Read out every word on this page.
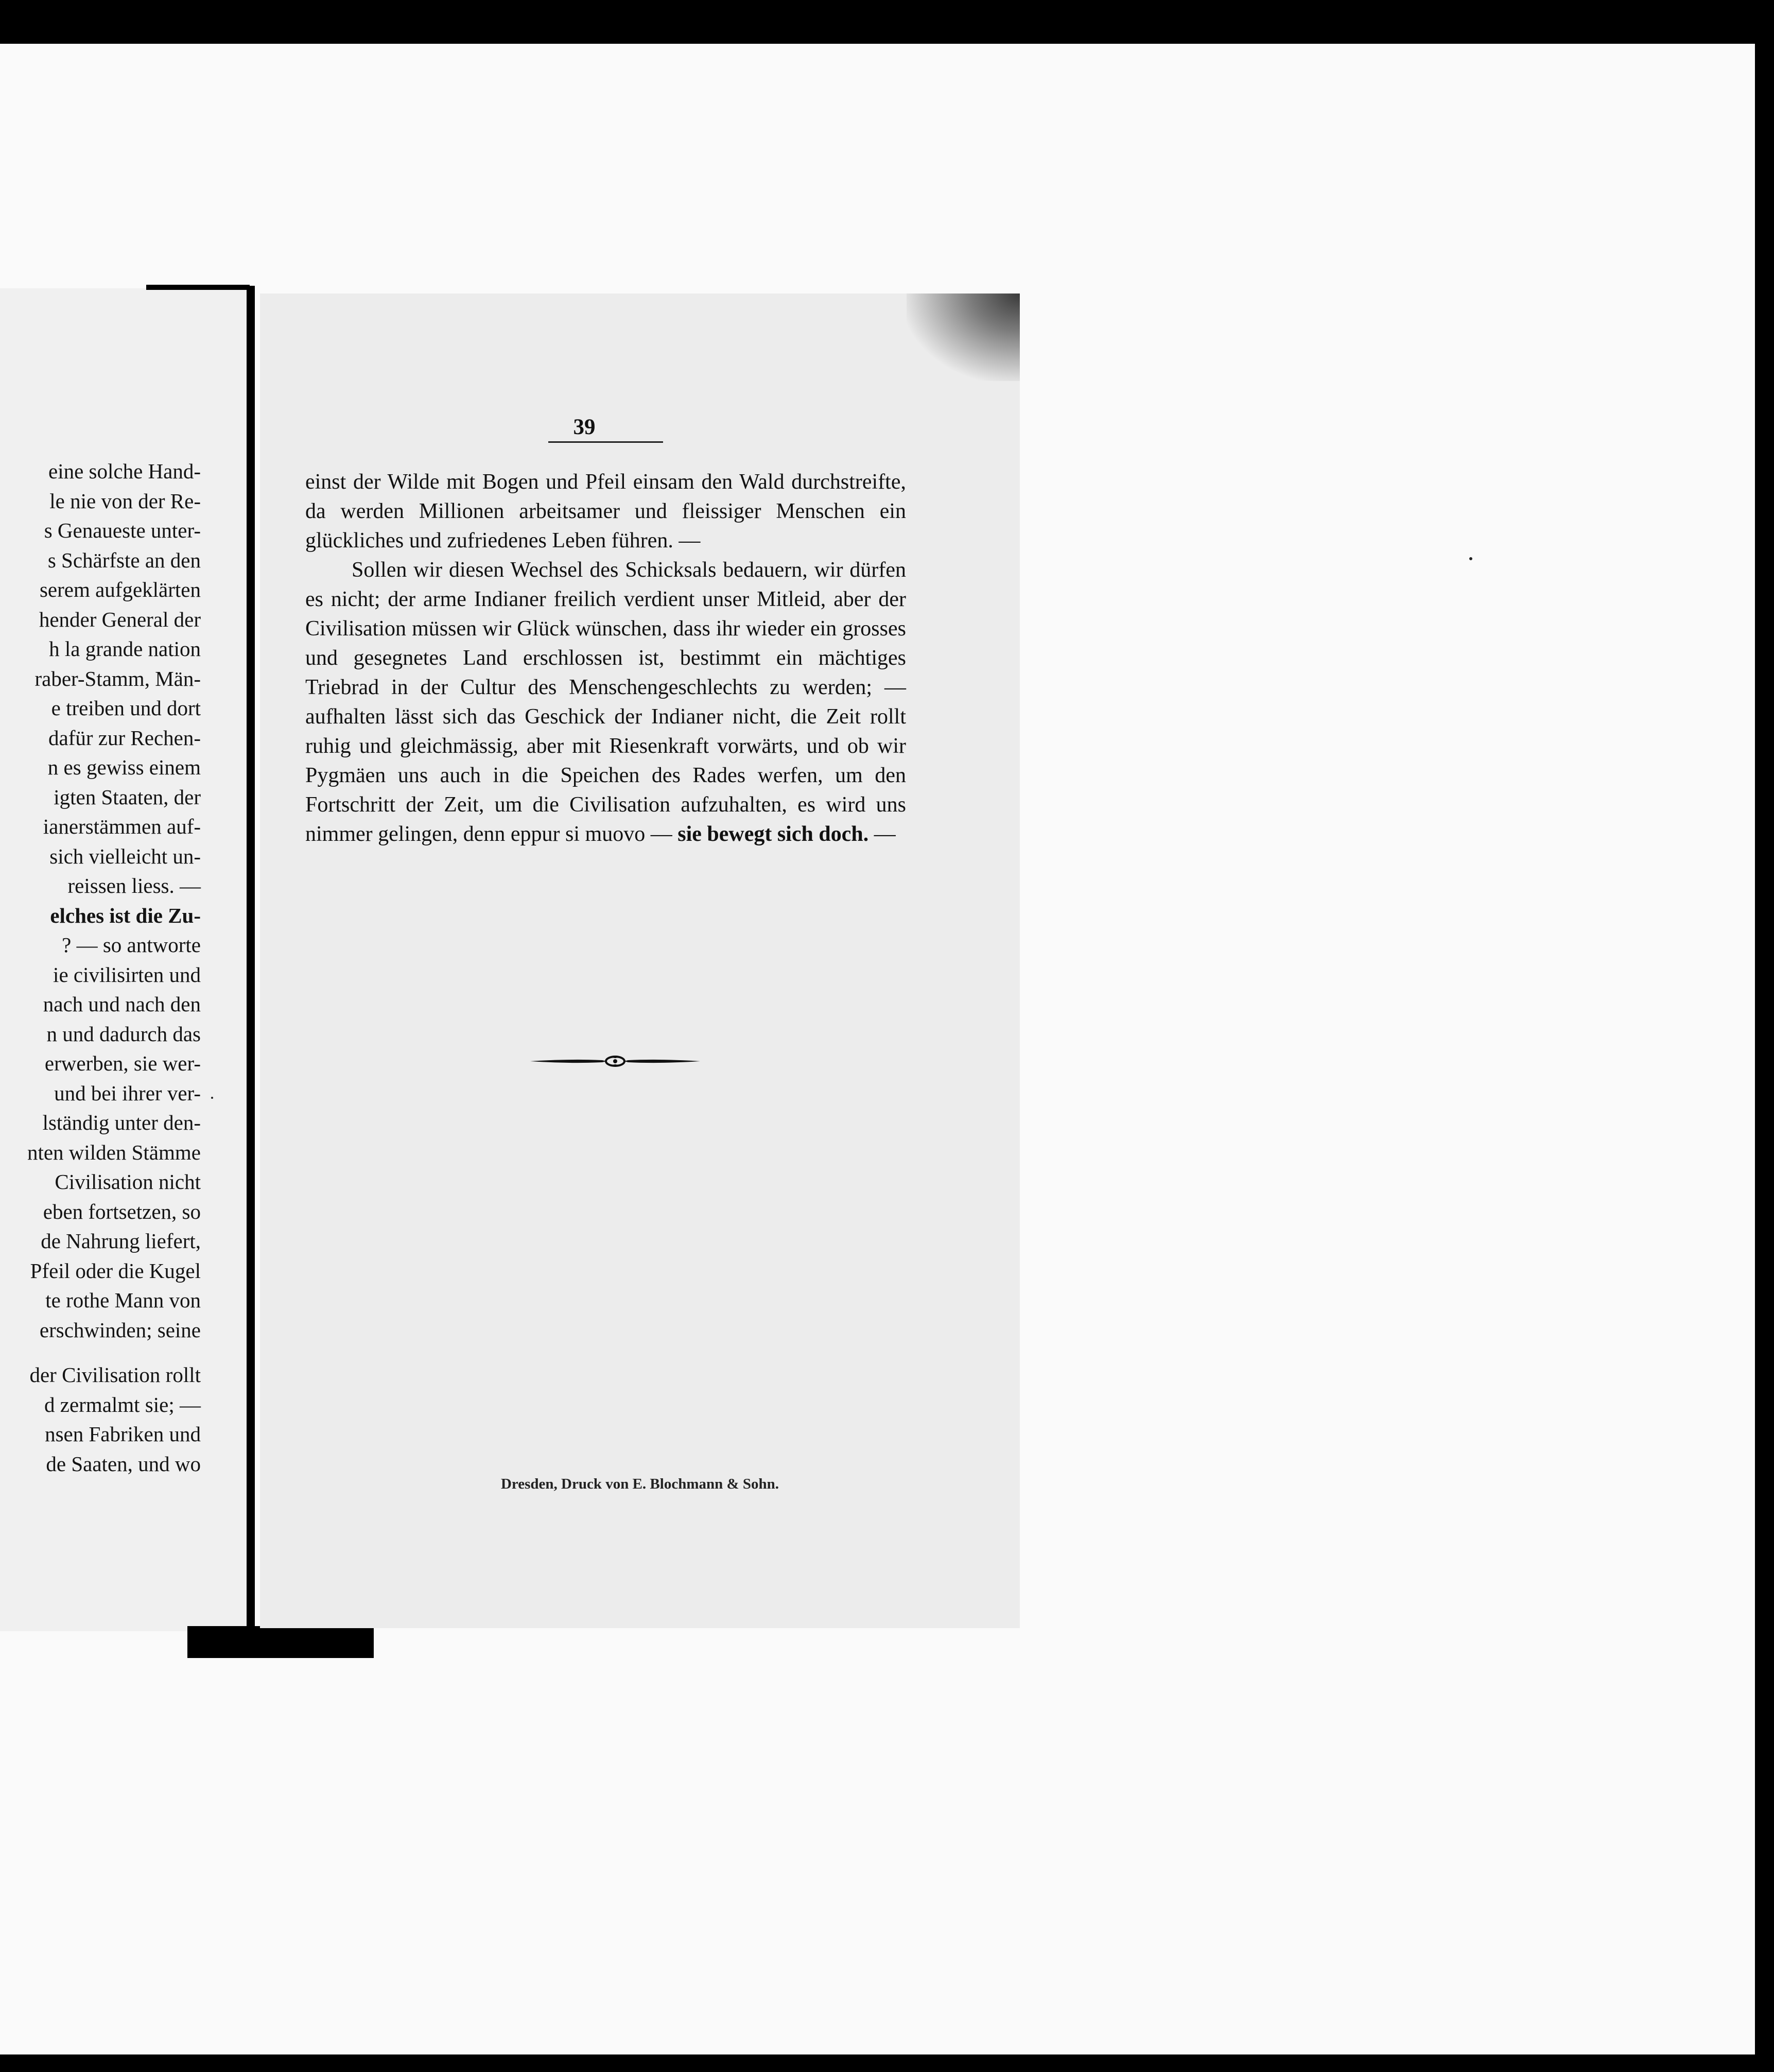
eine solche Hand-
le nie von der Re-
s Genaueste unter-
s Schärfste an den
serem aufgeklärten
hender General der
h la grande nation
raber-Stamm, Män-
e treiben und dort
dafür zur Rechen-
n es gewiss einem
igten Staaten, der
ianerstämmen auf-
sich vielleicht un-
reissen liess. —
elches ist die Zu-
? — so antworte
ie civilisirten und
nach und nach den
n und dadurch das
erwerben, sie wer-
und bei ihrer ver-
lständig unter den-
nten wilden Stämme
Civilisation nicht
eben fortsetzen, so
de Nahrung liefert,
Pfeil oder die Kugel
te rothe Mann von
erschwinden; seine
der Civilisation rollt
d zermalmt sie; —
nsen Fabriken und
de Saaten, und wo
39

einst der Wilde mit Bogen und Pfeil einsam den Wald durchstreifte, da werden Millionen arbeitsamer und fleissiger Menschen ein glückliches und zufriedenes Leben führen. —

Sollen wir diesen Wechsel des Schicksals bedauern, wir dürfen es nicht; der arme Indianer freilich verdient unser Mitleid, aber der Civilisation müssen wir Glück wünschen, dass ihr wieder ein grosses und gesegnetes Land erschlossen ist, bestimmt ein mächtiges Triebrad in der Cultur des Menschengeschlechts zu werden; — aufhalten lässt sich das Geschick der Indianer nicht, die Zeit rollt ruhig und gleichmässig, aber mit Riesenkraft vorwärts, und ob wir Pygmäen uns auch in die Speichen des Rades werfen, um den Fortschritt der Zeit, um die Civilisation aufzuhalten, es wird uns nimmer gelingen, denn eppur si muovo — sie bewegt sich doch. —

Dresden, Druck von E. Blochmann & Sohn.
